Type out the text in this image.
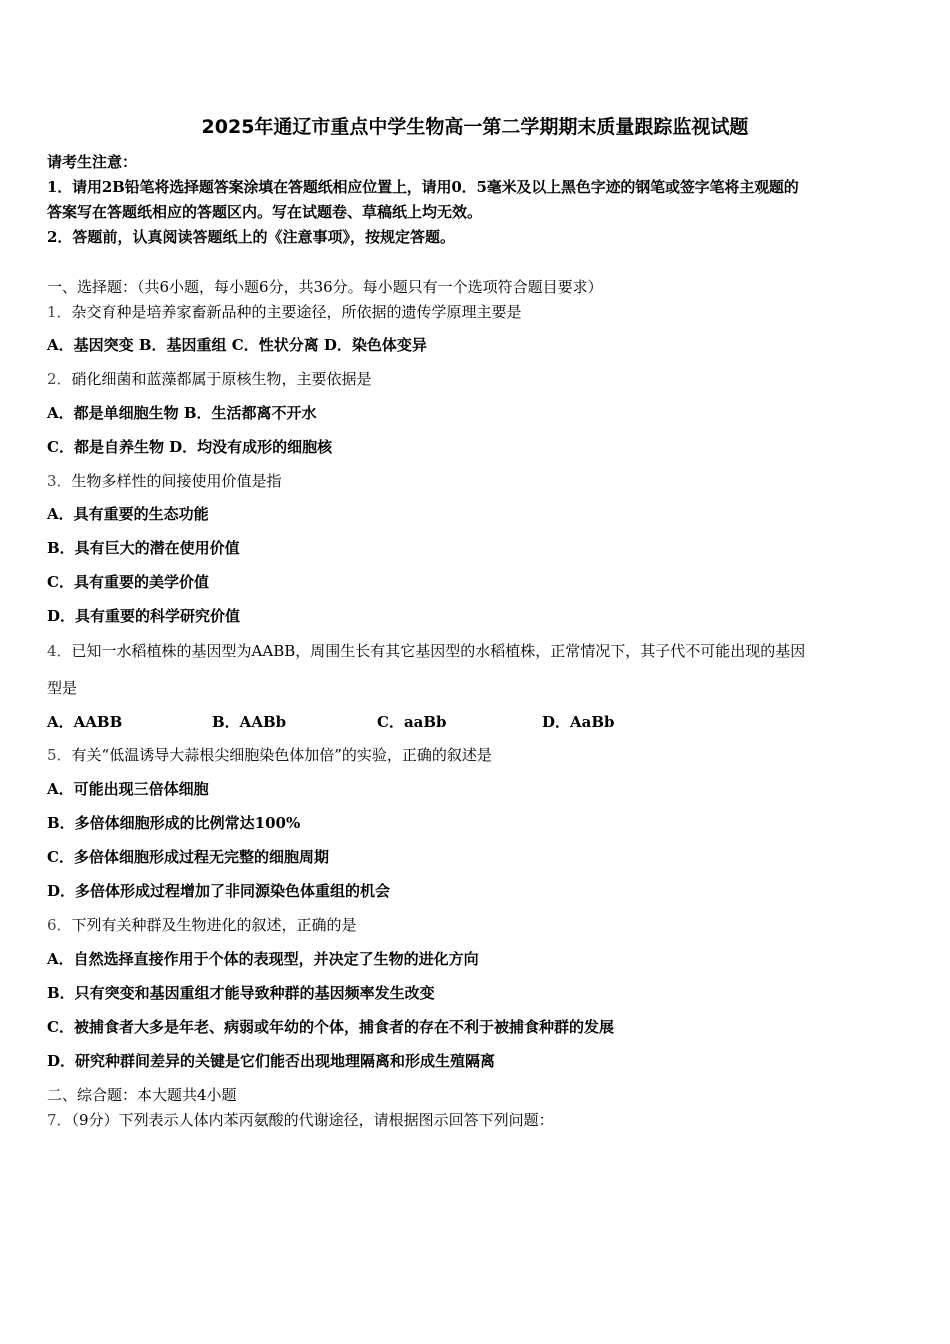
2025年通辽市重点中学生物高一第二学期期末质量跟踪监视试题
请考生注意：
1．请用2B铅笔将选择题答案涂填在答题纸相应位置上，请用0．5毫米及以上黑色字迹的钢笔或签字笔将主观题的
答案写在答题纸相应的答题区内。写在试题卷、草稿纸上均无效。
2．答题前，认真阅读答题纸上的《注意事项》，按规定答题。
一、选择题：（共6小题，每小题6分，共36分。每小题只有一个选项符合题目要求）
1．杂交育种是培养家畜新品种的主要途径，所依据的遗传学原理主要是
A．基因突变 B．基因重组 C．性状分离 D．染色体变异
2．硝化细菌和蓝藻都属于原核生物，主要依据是
A．都是单细胞生物 B．生活都离不开水
C．都是自养生物 D．均没有成形的细胞核
3．生物多样性的间接使用价值是指
A．具有重要的生态功能
B．具有巨大的潜在使用价值
C．具有重要的美学价值
D．具有重要的科学研究价值
4．已知一水稻植株的基因型为AABB，周围生长有其它基因型的水稻植株，正常情况下，其子代不可能出现的基因
型是
A．AABB	B．AABb	C．aaBb	D．AaBb
5．有关“低温诱导大蒜根尖细胞染色体加倍”的实验，正确的叙述是
A．可能出现三倍体细胞
B．多倍体细胞形成的比例常达100%
C．多倍体细胞形成过程无完整的细胞周期
D．多倍体形成过程增加了非同源染色体重组的机会
6．下列有关种群及生物进化的叙述，正确的是
A．自然选择直接作用于个体的表现型，并决定了生物的进化方向
B．只有突变和基因重组才能导致种群的基因频率发生改变
C．被捕食者大多是年老、病弱或年幼的个体，捕食者的存在不利于被捕食种群的发展
D．研究种群间差异的关键是它们能否出现地理隔离和形成生殖隔离
二、综合题：本大题共4小题
7．（9分）下列表示人体内苯丙氨酸的代谢途径，请根据图示回答下列问题：
